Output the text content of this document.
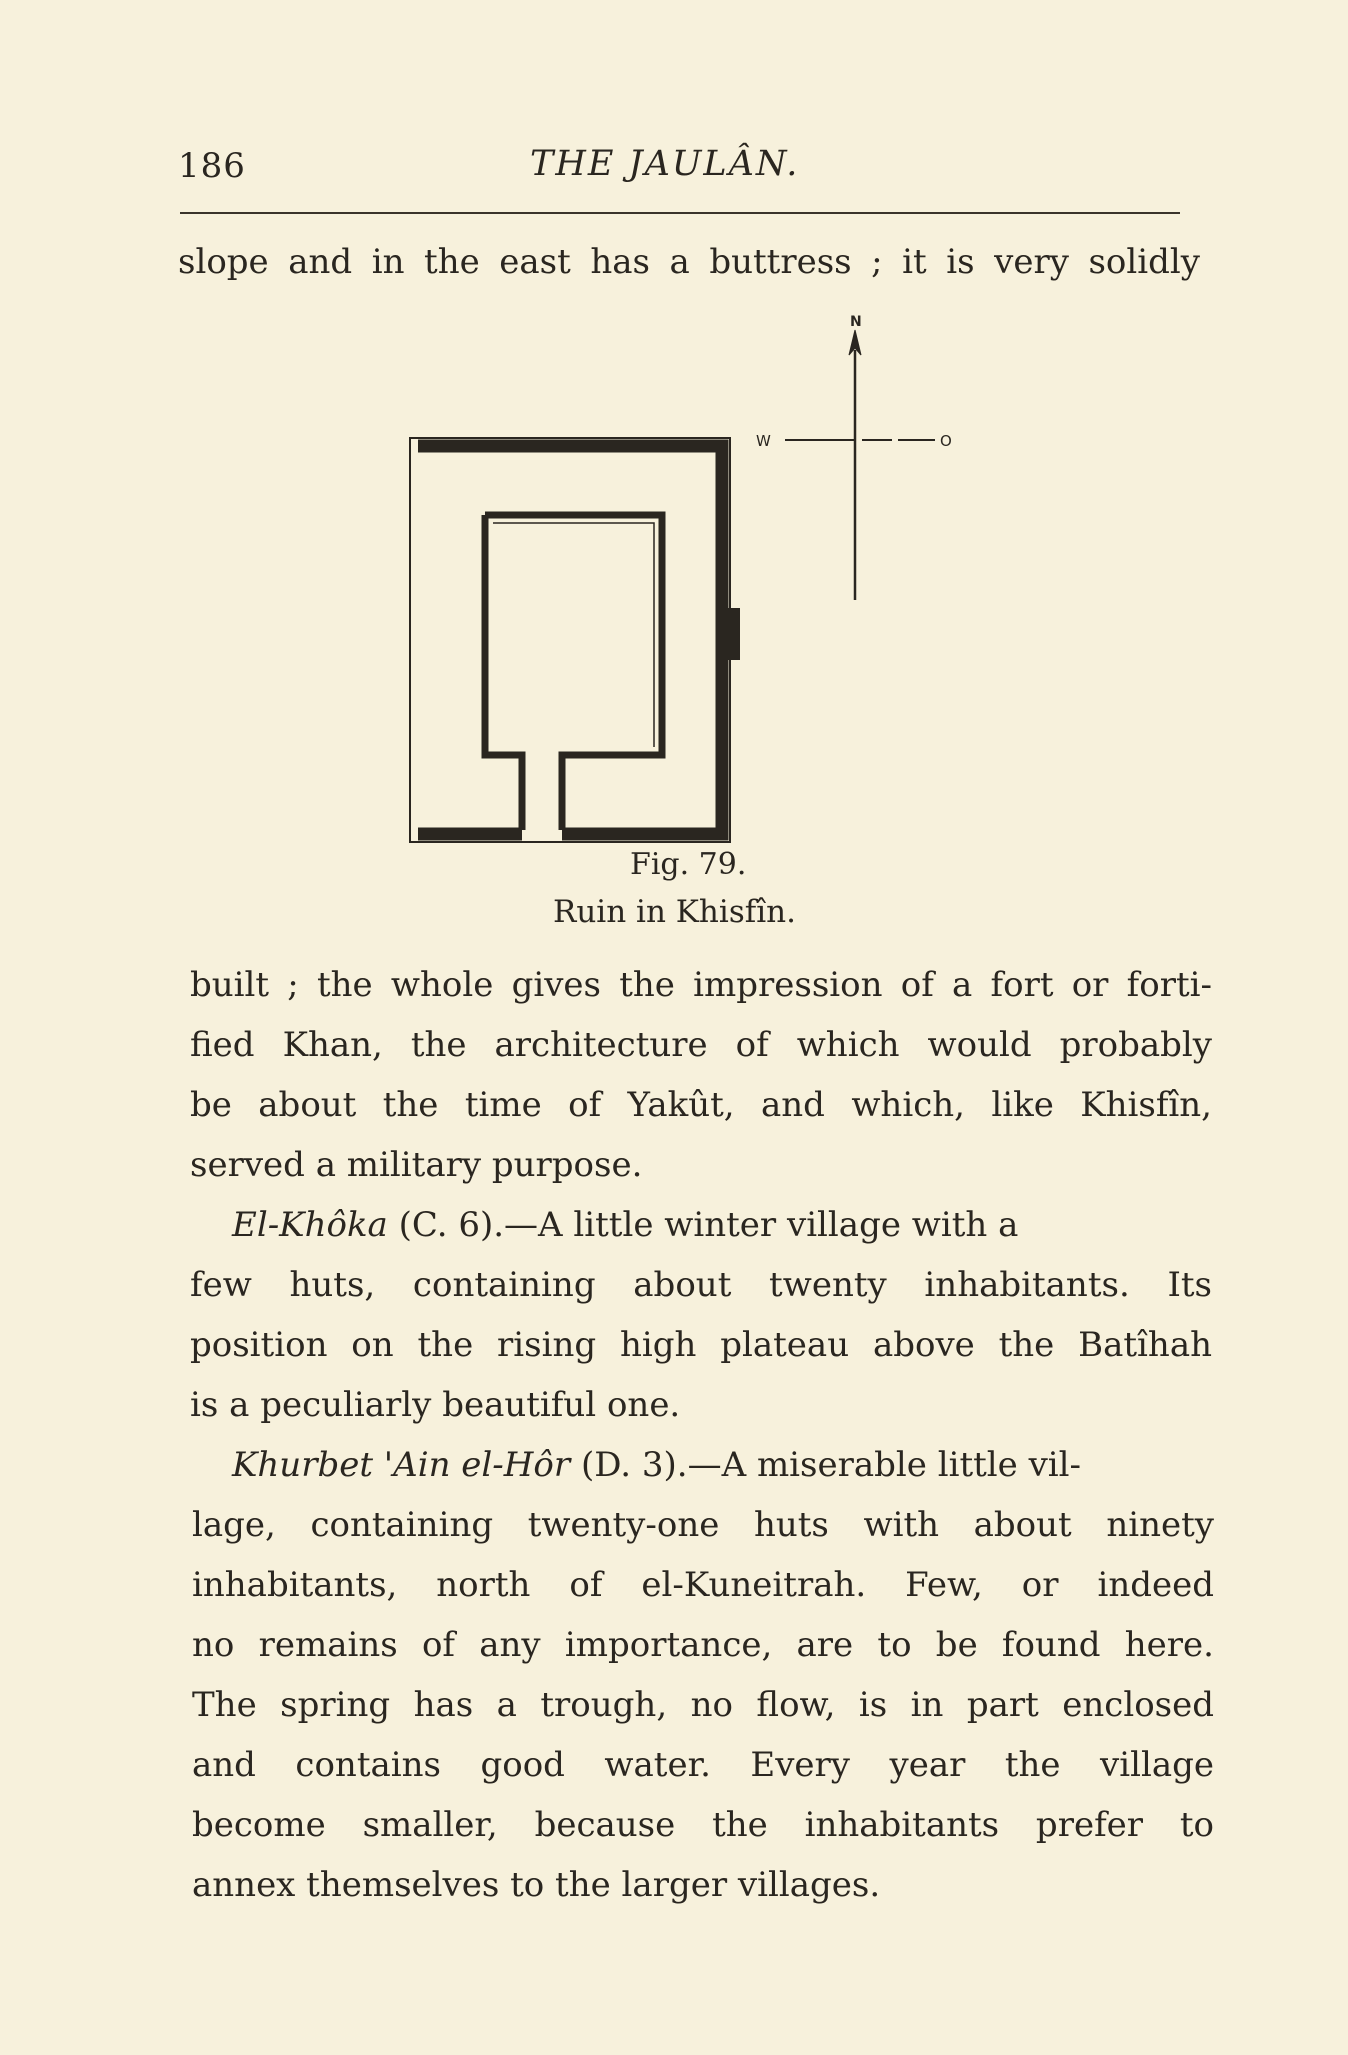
186	THE JAULÂN.
slope and in the east has a buttress ; it is very solidly
N
W	O
Fig. 79.
Ruin in Khisfîn.
built ; the whole gives the impression of a fort or forti-
fied Khan, the architecture of which would probably
be about the time of Yakût, and which, like Khisfîn,
served a military purpose.
El-Khôka (C. 6).—A little winter village with a
few huts, containing about twenty inhabitants. Its
position on the rising high plateau above the Batîhah
is a peculiarly beautiful one.
Khurbet 'Ain el-Hôr (D. 3).—A miserable little vil-
lage, containing twenty-one huts with about ninety
inhabitants, north of el-Kuneitrah. Few, or indeed
no remains of any importance, are to be found here.
The spring has a trough, no flow, is in part enclosed
and contains good water. Every year the village
become smaller, because the inhabitants prefer to
annex themselves to the larger villages.
